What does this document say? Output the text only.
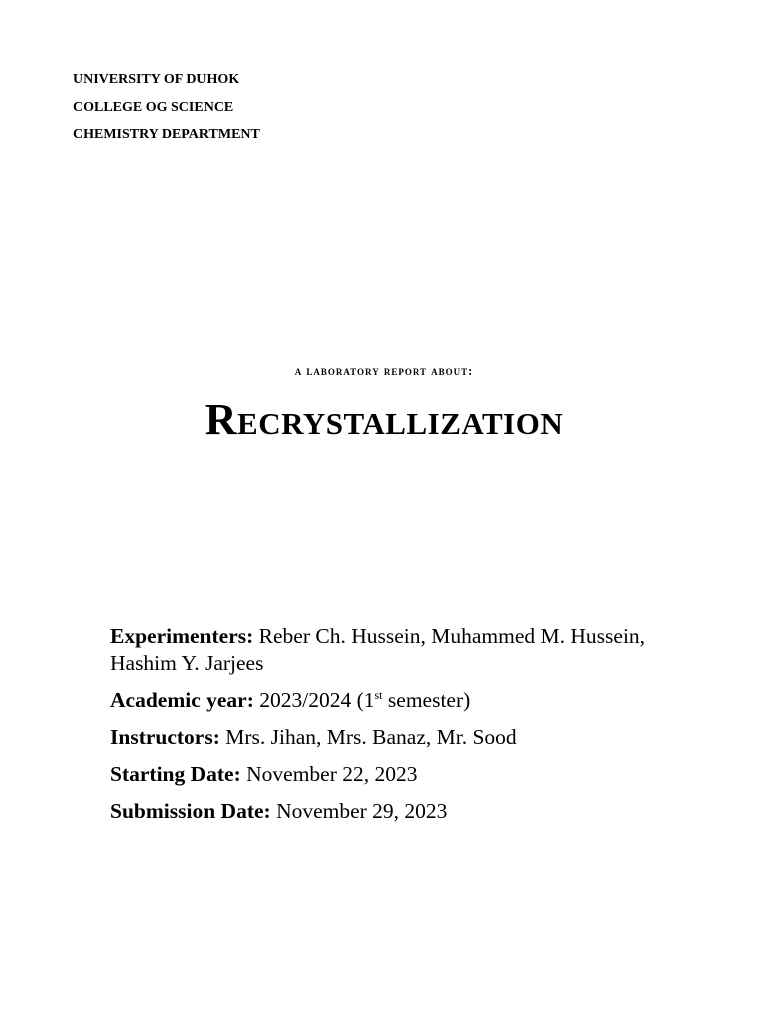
UNIVERSITY OF DUHOK
COLLEGE OG SCIENCE
CHEMISTRY DEPARTMENT
a laboratory report about:
Recrystallization
Experimenters: Reber Ch. Hussein, Muhammed M. Hussein, Hashim Y. Jarjees
Academic year: 2023/2024 (1st semester)
Instructors: Mrs. Jihan, Mrs. Banaz, Mr. Sood
Starting Date: November 22, 2023
Submission Date: November 29, 2023
